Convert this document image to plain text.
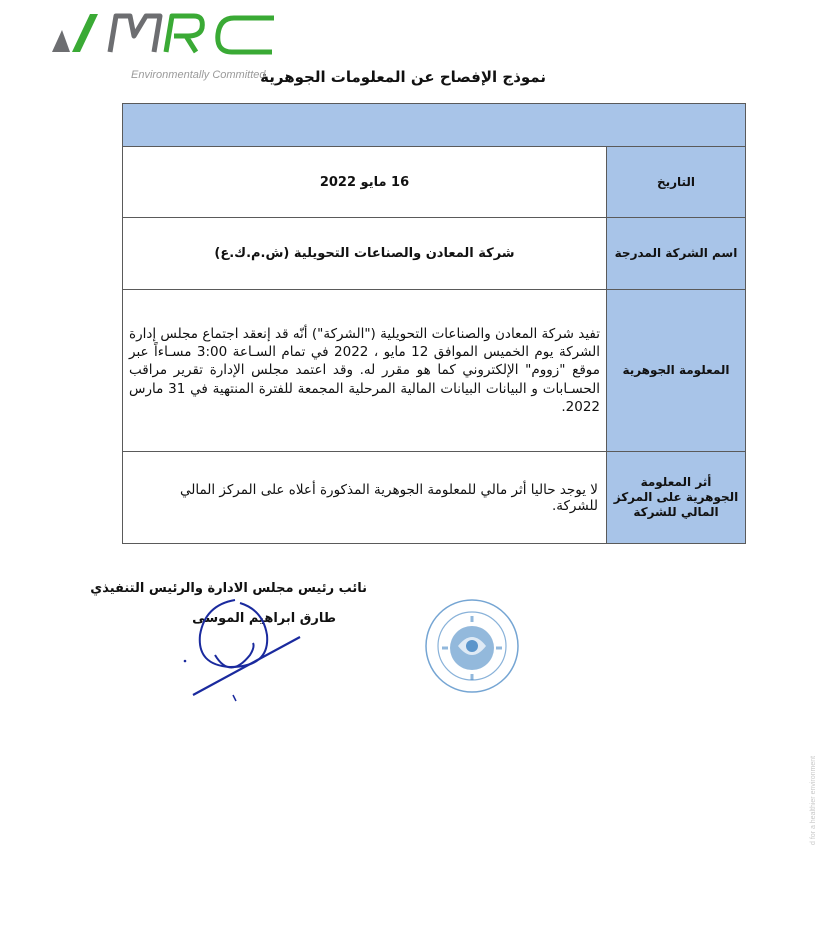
Environmentally Committed
نموذج الإفصاح عن المعلومات الجوهرية

التاريخ	16 مايو 2022
اسم الشركة المدرجة	شركة المعادن والصناعات التحويلية (ش.م.ك.ع)
المعلومة الجوهرية	تفيد شركة المعادن والصناعات التحويلية ("الشركة") أنّه قد إنعقد اجتماع مجلس إدارة الشركة يوم الخميس الموافق 12 مايو ، 2022 في تمام السـاعة 3:00 مسـاءاً عبر موقع "زووم" الإلكتروني كما هو مقرر له. وقد اعتمد مجلس الإدارة تقرير مراقب الحسـابات و البيانات البيانات المالية المرحلية المجمعة للفترة المنتهية في 31 مارس 2022.
أثر المعلومة الجوهرية على المركز المالي للشركة	لا يوجد حاليا أثر مالي للمعلومة الجوهرية المذكورة أعلاه على المركز المالي للشركة.
نائب رئيس مجلس الادارة والرئيس التنفيذي
طارق ابراهيم الموسى
d for a healthier environment
